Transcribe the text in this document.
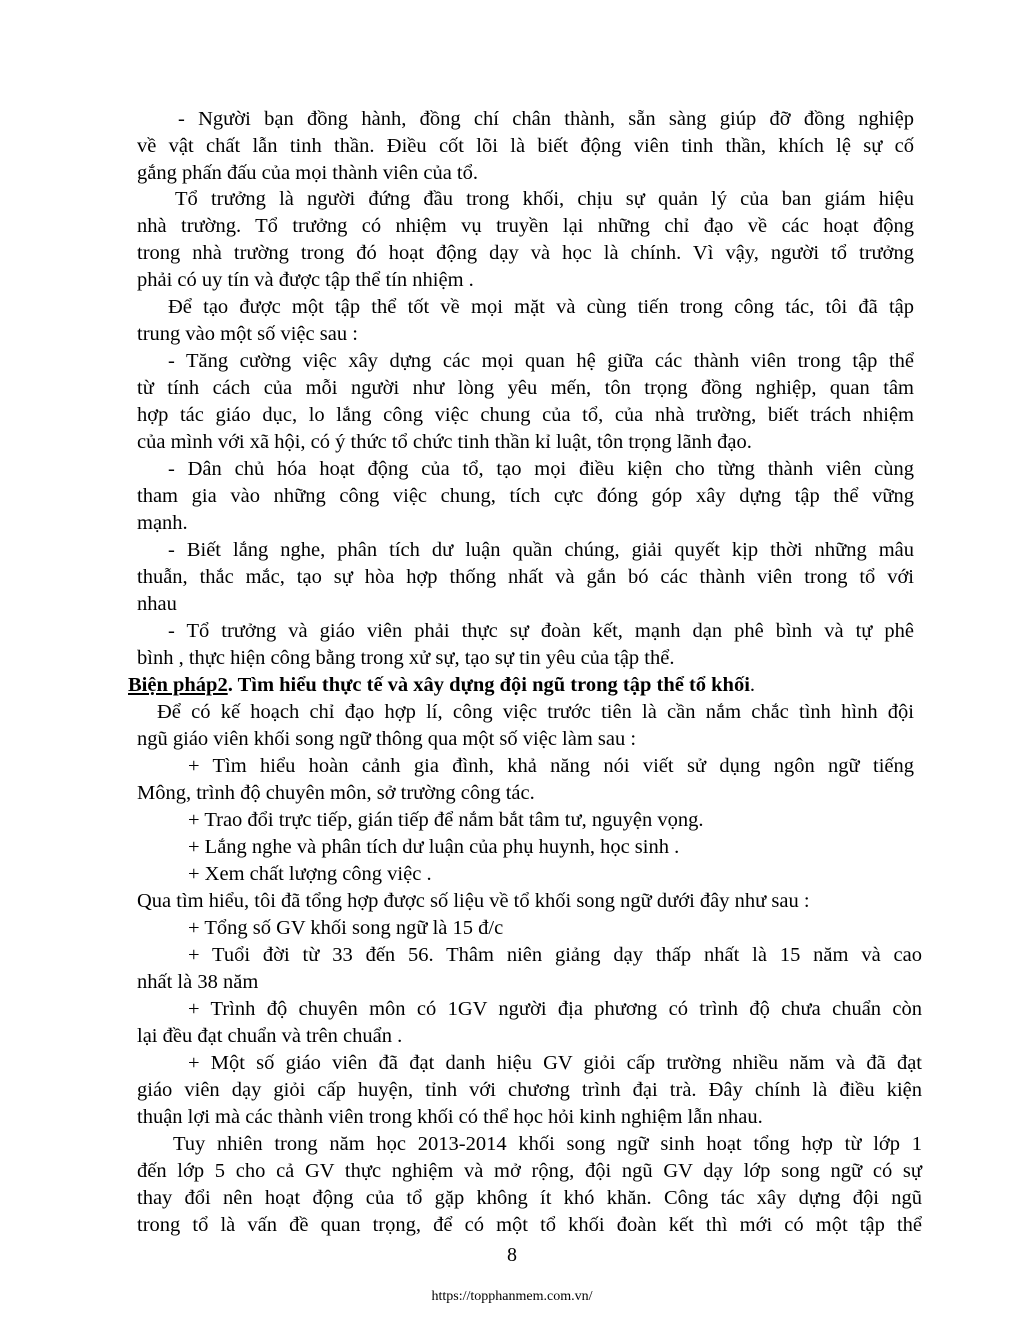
- Người bạn đồng hành, đồng chí chân thành, sẵn sàng giúp đỡ đồng nghiệp
về vật chất lẫn tinh thần. Điều cốt lõi là biết động viên tinh thần, khích lệ sự cố
gắng phấn đấu của mọi thành viên của tổ.
Tổ trưởng là người đứng đầu trong khối, chịu sự quản lý của ban giám hiệu
nhà trường. Tổ trưởng có nhiệm vụ truyền lại những chỉ đạo về các hoạt động
trong nhà trường trong đó hoạt động dạy và học là chính. Vì vậy, người tổ trưởng
phải có uy tín và được tập thể tín nhiệm .
Để tạo được một tập thể tốt về mọi mặt và cùng tiến trong công tác, tôi đã tập
trung vào một số việc sau :
- Tăng cường việc xây dựng các mọi quan hệ giữa các thành viên trong tập thể
từ tính cách của mỗi người như lòng yêu mến, tôn trọng đồng nghiệp, quan tâm
hợp tác giáo dục, lo lắng công việc chung của tổ, của nhà trường, biết trách nhiệm
của mình với xã hội, có ý thức tổ chức tinh thần kỉ luật, tôn trọng lãnh đạo.
- Dân chủ hóa hoạt động của tổ, tạo mọi điều kiện cho từng thành viên cùng
tham gia vào những công việc chung, tích cực đóng góp xây dựng tập thể vững
mạnh.
- Biết lắng nghe, phân tích dư luận quần chúng, giải quyết kịp thời những mâu
thuẫn, thắc mắc, tạo sự hòa hợp thống nhất và gắn bó các thành viên trong tổ với
nhau
- Tổ trưởng và giáo viên phải thực sự đoàn kết, mạnh dạn phê bình và tự phê
bình , thực hiện công bằng trong xử sự, tạo sự tin yêu của tập thể.
Biện pháp2. Tìm hiểu thực tế và xây dựng đội ngũ trong tập thể tổ khối.
Để có kế hoạch chỉ đạo hợp lí, công việc trước tiên là cần nắm chắc tình hình đội
ngũ giáo viên khối song ngữ thông qua một số việc làm sau :
+ Tìm hiểu hoàn cảnh gia đình, khả năng nói viết sử dụng ngôn ngữ tiếng
Mông, trình độ chuyên môn, sở trường công tác.
+ Trao đổi trực tiếp, gián tiếp để nắm bắt tâm tư, nguyện vọng.
+ Lắng nghe và phân tích dư luận của phụ huynh, học sinh .
+ Xem chất lượng công việc .
Qua tìm hiểu, tôi đã tổng hợp được số liệu về tổ khối song ngữ dưới đây như sau :
+ Tổng số GV khối song ngữ là 15 đ/c
+ Tuổi đời từ 33 đến 56. Thâm niên giảng dạy thấp nhất là 15 năm và cao
nhất là 38 năm
+ Trình độ chuyên môn có 1GV người địa phương có trình độ chưa chuẩn còn
lại đều đạt chuẩn và trên chuẩn .
+ Một số giáo viên đã đạt danh hiệu GV giỏi cấp trường nhiều năm và đã đạt
giáo viên dạy giỏi cấp huyện, tỉnh với chương trình đại trà. Đây chính là điều kiện
thuận lợi mà các thành viên trong khối có thể học hỏi kinh nghiệm lẫn nhau.
Tuy nhiên trong năm học 2013-2014 khối song ngữ sinh hoạt tổng hợp từ lớp 1
đến lớp 5 cho cả GV thực nghiệm và mở rộng, đội ngũ GV dạy lớp song ngữ có sự
thay đổi nên hoạt động của tổ gặp không ít khó khăn. Công tác xây dựng đội ngũ
trong tổ là vấn đề quan trọng, để có một tổ khối đoàn kết thì mới có một tập thể
8
https://topphanmem.com.vn/
